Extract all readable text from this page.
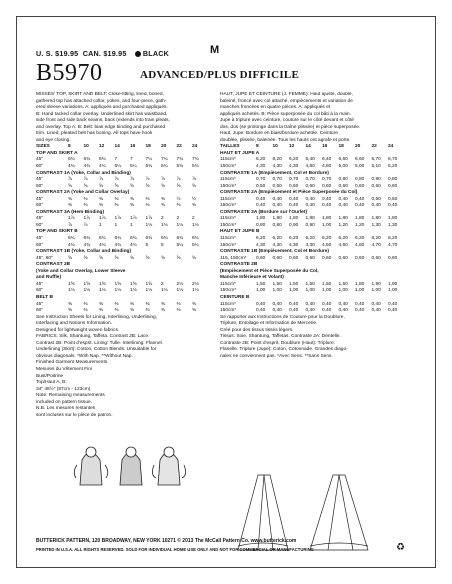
U. S. $19.95 CAN. $19.95 BLACK	M
B5970	ADVANCED/PLUS DIFFICILE
MISSES' TOP, SKIRT AND BELT: Close-fitting, lined, boned,
gathered top has attached collar, yokes, and four-piece, gath-
ered sleeve variations. A: appliqués and purchased appliqués.
B: Hand tacked collar overlay. Underlined skirt has waistband,
side front and side back seams, back (extends into train pleats,
and overlay. Top A: B: Belt: bias edge binding and purchased
trim. Lined, pleated belt has boning. All tops have hook
and eye closing.
SIZES	8	10	12	14	16	18	20	22	24
TOP AND SKIRT A
45"	6¾	6¾	6¾	7	7	7¼	7¼	7¾	7¾
60"	4¾	4¾	4¾	5¼	5¼	5¾	5¾	5¾	5¾
CONTRAST 1A (Yoke, Collar and Binding)
45"	⅞	⅞	⅞	⅞	⅞	⅞	⅞	⅞	⅞
60"	⅝	⅝	⅝	⅝	⅝	⅝	⅝	⅝	⅝
CONTRAST 2A (Yoke and Collar Overlay)
45"	⅜	⅜	⅜	⅜	⅜	⅜	⅜	½	½
60"	⅜	⅜	⅜	⅜	⅜	⅜	⅜	⅜	⅜
CONTRAST 3A (Hem Binding)
45"	1⅞	1⅞	1⅞	1⅞	1⅞	1⅞	2	2	2
60"	⅞	⅞	1	1	1	1⅛	1⅛	1⅛	1⅛
TOP AND SKIRT B
45"	6¾	6¾	6¾	6¾	6¾	6¾	6¾	6¾	6¾
60"	4¾	4¾	4¾	4¾	4¾	5	5	5¼	5¼
CONTRAST 1B (Yoke, Collar and Binding)
45", 60"	⅝	⅝	⅝	⅝	⅝	⅝	⅝	⅝	⅝
CONTRAST 2B
(Yoke and Collar Overlay, Lower Sleeve
and Ruffle)
45"	1⅝	1⅝	1⅝	1⅝	1⅝	1⅝	2	2⅛	2⅛
60"	1⅛	1⅛	1⅛	1⅛	1⅛	1⅛	1⅛	1⅛	1⅛
BELT B
45"	⅜	⅜	⅜	⅜	⅜	⅜	⅜	⅜	⅜
60"	⅜	⅜	⅜	⅜	⅜	⅜	⅜	⅜	⅜
See Instruction Sheets for Lining, Interlining, Underlining,
Interfacing and Notions Information.
Designed for lightweight woven fabrics.
FABRICS: Silk, Shantung, Taffeta. Contrast 2B: Lace.
Contrast 2B: Point d'esprit. Lining: Tulle. Interlining: Flannel.
Underlining (Skirt): Cotton, Cotton Blends. Unsuitable for
obvious diagonals. *With Nap. **Without Nap.
Finished Garment Measurements
Mesures du Vêtement Fini
Bust/Poitrine
Top/Haut A, B:
34" 48½" (87cm - 123cm)
Note: Remaining measurements
included on pattern tissue.
N.B. Les mesures restantes
sont incluses sur le pièce de patron.
HAUT, JUPE ET CEINTURE (J. FEMME): Haut ajusté, doublé,
baleiné, froncé avec col attaché, empiècements et variation de
manches froncées en quatre pièces. A: appliqués et
appliqués achetés. B: Pièce superposée du col bâti à la main.
Jupe à triplure avec ceinture, couture sur le côté devant et côté
dos, dos (se prolonge dans la traîne plissée) et pièce superposée.
Haut, Jupe: Bordure en biais/bordure achetée. Ceinture
doublée, plissée, baleinée. Tous les hauts ont agrafe et porte.
TAILLES	8	10	12	14	16	18	20	22	24
HAUT ET JUPE A
115cm*	6,20	6,20	6,20	6,40	6,40	6,60	6,60	6,70	6,70
150cm*	4,30	4,30	4,30	4,80	4,80	5,00	5,00	5,10	5,20
CONTRASTE 1A (Empiècement, Col et Bordure)
115cm*	0,70	0,70	0,70	0,70	0,70	0,80	0,80	0,80	0,80
150cm*	0,50	0,50	0,60	0,60	0,60	0,60	0,60	0,60	0,60
CONTRASTE 2A (Empiècement et Pièce Superposée du Col)
115cm*	0,40	0,40	0,40	0,40	0,40	0,40	0,40	0,50	0,50
150cm*	0,40	0,40	0,40	0,40	0,40	0,40	0,40	0,40	0,40
CONTRASTE 3A (Bordure sur l'Ourlet)
115cm*	1,80	1,80	1,80	1,80	1,80	1,80	1,80	1,80	1,80
150cm*	0,80	0,80	0,90	0,90	1,00	1,20	1,20	1,30	1,30
HAUT ET JUPE B
115cm*	6,20	6,20	6,20	6,20	6,20	6,20	6,20	6,20	6,20
150cm*	4,30	4,30	4,30	4,30	4,50	4,60	4,60	4,70	4,70
CONTRASTE 1B (Empiècement, Col et Bordure)
115, 150cm*	0,60	0,60	0,60	0,60	0,60	0,60	0,60	0,60	0,60
CONTRASTE 2B
(Empiècement et Pièce Superposée du Col,
Manche Inférieure et Volant)
115cm*	1,50	1,50	1,50	1,50	1,50	1,50	1,80	1,90	1,90
150cm*	1,00	1,00	1,00	1,00	1,00	1,00	1,00	1,00	1,00
CEINTURE B
115cm*	0,40	0,40	0,40	0,40	0,40	0,40	0,40	0,40	0,40
150cm*	0,40	0,40	0,40	0,40	0,40	0,40	0,40	0,40	0,40
Se rapporter aux Instructions de Couture pour la Doublure,
Triplure, Entoilage et Information de Mercerie.
Créé pour des tissus tissés légers.
Tissus: Soie, Shantung, Taffetas. Contraste 2A: Dentelle.
Contraste 2B: Point d'esprit. Doublure (Haut): Triplure:
Flanelle. Triplure (Jupe): Coton, Cotonnade. Grandes diago-
nales ne conviennent pas. *Avec Sens. **Sans Sens.
BUTTERICK PATTERN, 120 BROADWAY, NEW YORK 10271 © 2013 The McCall Pattern Co. www.butterick.com
PRINTED IN U.S.A. ALL RIGHTS RESERVED. SOLD FOR INDIVIDUAL HOME USE ONLY AND NOT FOR COMMERCIAL OR MANUFACTURING	♻
